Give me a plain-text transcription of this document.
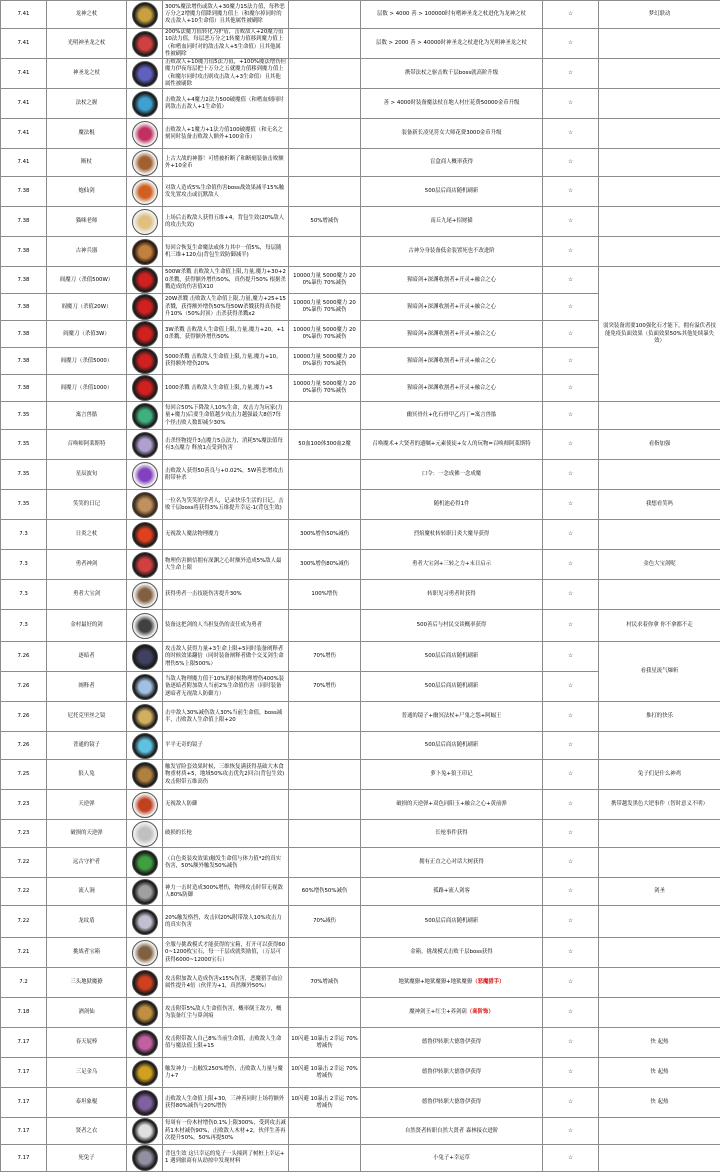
7.41	龙神之杖		300%魔法增伤或敌人+30魔力15法力值，每秒恶万分之2增魔力值降到魔力值上（和魔尔掉同时的攻击敌人+10生命值）且其他属性被刷除		层数 > 4000 善 > 100000时有嗜神圣龙之杖进化为龙神之杖	☆	梦幻联动
7.41	光明神圣龙之杖		200%法魔力值转化为护盾，击败敌人+20魔力值10法力值，每层恶万分之1转魔力值移到魔力值上（和嗜血同时对的敌击敌人+5生命值）且其他属性被刷除		层数 > 2000 善 > 40000时神圣龙之杖进化为光明神圣龙之杖	☆	
7.41	神圣龙之杖		击败敌人+10魔力值5法力值，+100%魔法增伤但魔力伊夜每层把十万分之五就魔力值移到魔力值上（和魔尔同时攻击则攻击敌人+3生命值）且其他属性被刷除		携带法杖之驱击败千层boss就高阶升级	☆	
7.41	法杖之握		击败敌人+4魔力2法力500破魔值（和嗜血刻同时到敌击击敌人+1生命值）		善 > 4000时装备魔法杖在地人村庄花费50000金币升级	☆	
7.41	魔法棍		击败敌人+1魔力+1法力值100破魔值（和无名之刻同时装备击败敌人额外+100金币）		装备新长凌见符女大师花费3000金币升级	☆	
7.41	断杖		上古大战的神器！可惜被折断了和断刻装备击败额外+10金币		盲盒商人概率获得	☆	
7.38	炮仙剑		对敌人造成5%生命值伤害boss战效果减半15%触发先置攻击或沉默敌人		500层后商店随机刷新	☆	
7.38	猫咪老师		上场后击败敌人获得五维+4，背包生效(20%敌人的攻击失效)	50%增减伤	南丘九尾+招财猫	☆	
7.38	古神兵器		每回合恢复生命魔法或体力其中一值5%，每层随机三维+120点(背包生效防御减半)		古神分身装备低金装置死也不改进阶	☆	
7.38	阎魔刀（杀值500W）		500W杀戮 击败敌人生命值上限,力量,魔力+30+20杀戮，获得额外增伤50%，真伤提升50% 根据杀戮造成的伤害值X10	10000力量 5000魔力 200%暴伤 70%减伤	猩暗剑+深渊收割者+开灵+融合之心	☆	弱突装备需要100强化石才能下，拥有溢伏者技能免疫负面效果（负面效果50%其他处续暴失效）
7.38	阎魔刀（杀值20W）		20W杀戮 击败敌人生命值上限,力量,魔力+25+15杀戮，获得额外增伤50%每50W杀戮获得真伤提升10%（50%封顶）击杀获得杀戮x2	10000力量 5000魔力 200%暴伤 70%减伤	猩暗剑+深渊收割者+开灵+融合之心	☆	
7.38	阎魔刀（杀值3W）		3W杀戮 击败敌人生命值上限,力量,魔力+20，+10杀戮，获得额外增伤50%	10000力量 5000魔力 200%暴伤 70%减伤	猩暗剑+深渊收割者+开灵+融合之心	☆	
7.38	阎魔刀（杀值5000）		5000杀戮 击败敌人生命值上限,力量,魔力+10，获得额外增伤20%	10000力量 5000魔力 200%暴伤 70%减伤	猩暗剑+深渊收割者+开灵+融合之心	☆	
7.38	阎魔刀（杀值1000）		1000杀戮 击败敌人生命值上限,力量,魔力+5	10000力量 5000魔力 200%暴伤 70%减伤	猩暗剑+深渊收割者+开灵+融合之心	☆	
7.35	寓言兽骷		每回合50%下降敌人10%生命，攻击力为玩家(力量+魔力)后要生命值越少攻击力越强最大8倍7每个怪击败人数即减少30%		幽冥骨灶+化石骨甲乙丙丁=寓言兽骷	☆	
7.35	召唤师阿莱斯特		击杀怪物提升3点魔力5点法力，消耗5%魔法值每有3点魔力 释放1点受到伤害	50血100体300血2魔	召唤魔术+大贤者的遗嘱+元素使徒+女人的玩物=召唤师阿莱斯特	☆	看指加强
7.35	星辰波旬		击败敌人获得50善良与+0.02%，5W善恶增攻击附带补杀		口令：一念成佛一念成魔	☆	
7.35	笑笑的日记		一位名为笑笑的学者人，记录快乐生活的日记。击败千层boss将获得3%五维提升幸运-1(背包生效)		随机池必得1件	☆	我想看笑吗
7.3	日炎之杖		无视敌人魔法物理魔力	300%增伤50%减伤	烈焰魔杖转转职日炎大魔导获得	☆	
7.3	勇者神剑		物理伤害额信拥有深渊之心时额外造成5%敌人最大生命上限	300%增伤80%减伤	勇者大宝剑+三转之力+末日启示	☆	金色大宝剑呢
7.3	勇者大宝剑		获得勇者一击技能伤害提升30%	100%增伤	转职见习勇者时获得	☆	
7.3	金村最好的剑		装备这把剑的人当担复仍的责任成为勇者		500善后与村民交谈概率获得	☆	村民求着你拿 你不拿都不走
7.26	逐暗者		攻击敌人获得力量+3生命上限+5同时装备阐释者的时候效果翻倍（同时装备阐释者做个交叉剑生命增伤5%上限500%）	70%增伤	500层后商店随机刷新	☆	看我星流气爆斩
7.26	阐释者		当敌人物理魔力值于10%的时候物理增伤400%装备逐暗者附加敌人当前2%生命值伤害（同时装备逐暗者无视敌人防御力）	70%增伤	500层后商店随机刷新	☆	
7.26	尼托克里丝之镜		击中敌人30%减伤敌人30%当前生命值，boss减半，击败敌人生命值上限+20		普通的镜子+幽冥法杖+尸鬼之怨+阿蝠王	☆	推打的快乐
7.26	普通的镜子		平平无奇的镜子		500层后商店随机刷新	☆	
7.25	狼人兔		触发冒险套效果时候，三维恢复满获得基础大木食物重材质+5，地域50%攻击优先2回合(背包生效)攻击附带五维高伤		萝卜兔+狼王印记	☆	兔子们是什么神鸡
7.23	天逆弹		无视敌人防御		破损的天逆弹+双色同阳玉+融合之心+黄前弹	☆	携带越发黑色大钯事件（智时意义不明）
7.23	破损的天逆弹		破损的长枪		长枪事件获得	☆	
7.22	远古守护者		（白色炎装攻效果)触发生命值与体力值*2的真实伤害，50%额外触发50%减伤		拥有正直之心对话大树获得	☆	
7.22	流人涧		神力一击时造成300%增伤，物理攻击时带无视敌人80%防御	60%增伤50%减伤	孤路+流人剑客	☆	剑圣
7.22	龙纹盾		20%触发格挡，攻击回20%附带敌人10%攻击力的真实伤害	70%减伤	500层后商店随机刷新	☆	
7.21	挑战者宝箱		全服与挑战模式才能获得的宝箱，打开可以获得600~1200枚宝石，每一千层成就奖励值，（万层可获得6000~12000宝石）		金箱，挑战模式击败千层boss获得	☆	
7.2	三头地狱魔獠		攻击附加敌人造成伤害x15%伤害，恶魔猎手血泣属性提升4倍（伙伴为+1，真然额外50%）	70%增减伤	地狱魔獠+地狱魔獠+地狱魔獠（恶魔猎手）	☆	
7.18	酒剑仙		攻击附带5%敌人生命值伤害，概率倒王敌方，概为装备红尘与鼻剑痕		魔神剑王+红尘+养剑葫（高阶饰）	☆	
7.17	春天屁棒		攻击附带敌人自己8%当前生命值，击败敌人生命值与魔法值上限+15	10闪避 10暴击 2幸运 70%增减伤	德鲁伊转职大德鲁伊获得	☆	快 起热
7.17	三足金乌		触发神力一击触发250%增伤，击败敌人力量与魔力+7	10闪避 10暴击 2幸运 70%增减伤	德鲁伊转职大德鲁伊获得	☆	快 起热
7.17	泰坦象棍		击败敌人生命值上限+30，三神善同时上场将额外获得80%减伤与20%增伤	10闪避 10暴击 2幸运 70%增减伤	德鲁伊转职大德鲁伊获得	☆	快 起热
7.17	贤者之衣		每周有一份木材增伤0.1%上限300%，受到攻击减药1木材减伤90%，击败敌人木材+2，伙伴生善再次提升50%，50%再提50%		自然贤者转职自然大贤者 森林接衣进阶	☆	
7.17	死兔子		背包生效 这只幸运的兔子一头撞到了树桩上幸运+1 遇到旅商有从劫掠中发现材料		小兔子+幸运草	☆	
